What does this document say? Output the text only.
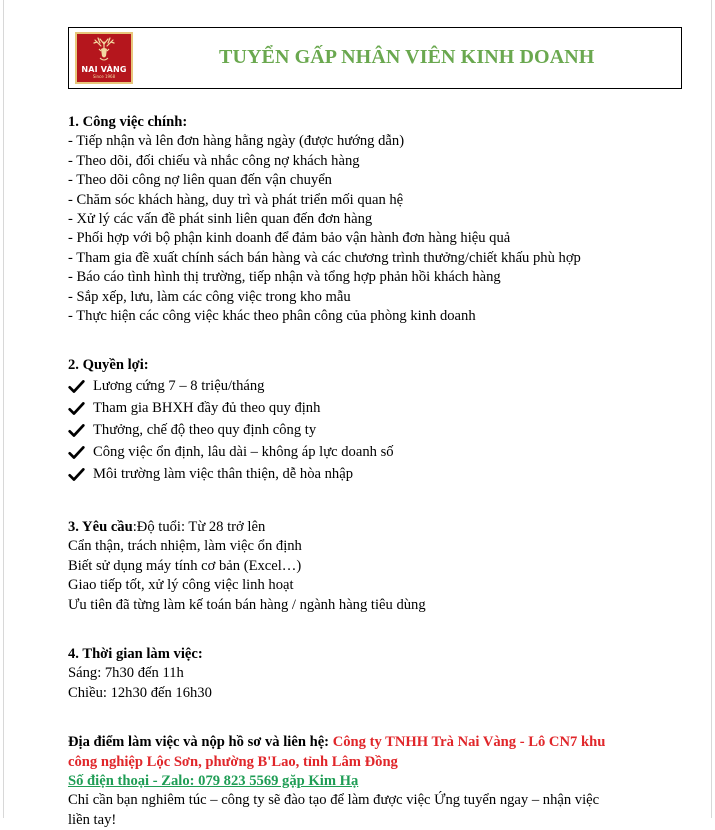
NAI VÀNG
Since 1968
TUYỂN GẤP NHÂN VIÊN KINH DOANH

1. Công việc chính:

- Tiếp nhận và lên đơn hàng hằng ngày (được hướng dẫn)

- Theo dõi, đối chiếu và nhắc công nợ khách hàng

- Theo dõi công nợ liên quan đến vận chuyển

- Chăm sóc khách hàng, duy trì và phát triển mối quan hệ

- Xử lý các vấn đề phát sinh liên quan đến đơn hàng

- Phối hợp với bộ phận kinh doanh để đảm bảo vận hành đơn hàng hiệu quả

- Tham gia đề xuất chính sách bán hàng và các chương trình thưởng/chiết khấu phù hợp

- Báo cáo tình hình thị trường, tiếp nhận và tổng hợp phản hồi khách hàng

- Sắp xếp, lưu, làm các công việc trong kho mẫu

- Thực hiện các công việc khác theo phân công của phòng kinh doanh

2. Quyền lợi:

Lương cứng 7 – 8 triệu/tháng
Tham gia BHXH đầy đủ theo quy định
Thưởng, chế độ theo quy định công ty
Công việc ổn định, lâu dài – không áp lực doanh số
Môi trường làm việc thân thiện, dễ hòa nhập

3. Yêu cầu:Độ tuổi: Từ 28 trở lên

Cẩn thận, trách nhiệm, làm việc ổn định

Biết sử dụng máy tính cơ bản (Excel…)

Giao tiếp tốt, xử lý công việc linh hoạt

Ưu tiên đã từng làm kế toán bán hàng / ngành hàng tiêu dùng

4. Thời gian làm việc:

Sáng: 7h30 đến 11h

Chiều: 12h30 đến 16h30

Địa điểm làm việc và nộp hồ sơ và liên hệ: Công ty TNHH Trà Nai Vàng - Lô CN7 khu

công nghiệp Lộc Sơn, phường B'Lao, tỉnh Lâm Đồng

Số điện thoại - Zalo: 079 823 5569 gặp Kim Hạ

Chỉ cần bạn nghiêm túc – công ty sẽ đào tạo để làm được việc Ứng tuyển ngay – nhận việc

liền tay!
